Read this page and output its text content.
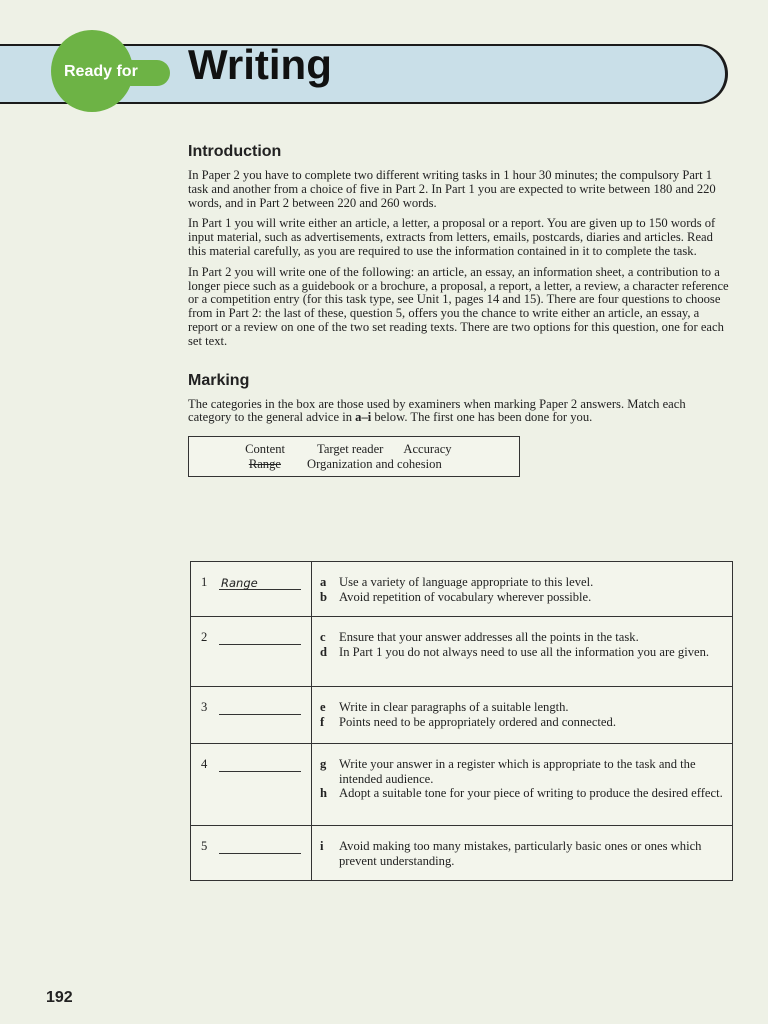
Ready for Writing
Introduction

In Paper 2 you have to complete two different writing tasks in 1 hour 30 minutes; the compulsory Part 1 task and another from a choice of five in Part 2. In Part 1 you are expected to write between 180 and 220 words, and in Part 2 between 220 and 260 words.

In Part 1 you will write either an article, a letter, a proposal or a report. You are given up to 150 words of input material, such as advertisements, extracts from letters, emails, postcards, diaries and articles. Read this material carefully, as you are required to use the information contained in it to complete the task.

In Part 2 you will write one of the following: an article, an essay, an information sheet, a contribution to a longer piece such as a guidebook or a brochure, a proposal, a report, a letter, a review, a character reference or a competition entry (for this task type, see Unit 1, pages 14 and 15). There are four questions to choose from in Part 2: the last of these, question 5, offers you the chance to write either an article, an essay, a report or a review on one of the two set reading texts. There are two options for this question, one for each set text.

Marking

The categories in the box are those used by examiners when marking Paper 2 answers. Match each category to the general advice in a–i below. The first one has been done for you.

Content	Target reader Accuracy
Range Organization and cohesion
1 Range	a Use a variety of language appropriate to this level.
b Avoid repetition of vocabulary wherever possible.

2	c Ensure that your answer addresses all the points in the task.
d In Part 1 you do not always need to use all the information you are given.

3	e Write in clear paragraphs of a suitable length.
f Points need to be appropriately ordered and connected.

4	g Write your answer in a register which is appropriate to the task and the intended audience.
h Adopt a suitable tone for your piece of writing to produce the desired effect.

5	i Avoid making too many mistakes, particularly basic ones or ones which prevent understanding.
192
